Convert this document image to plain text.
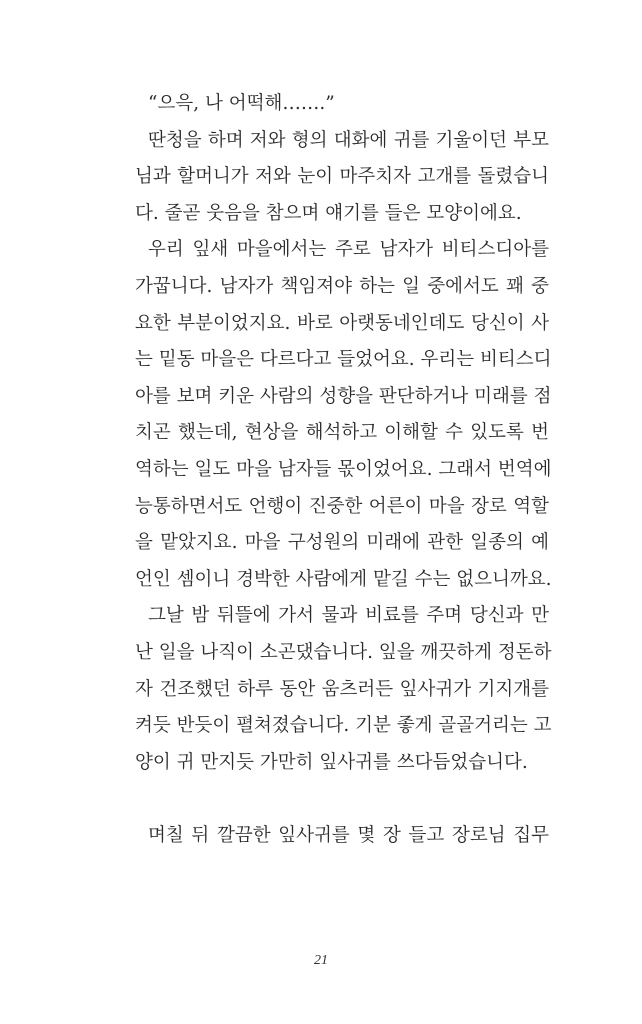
“으윽, 나 어떡해…….”
딴청을 하며 저와 형의 대화에 귀를 기울이던 부모
님과 할머니가 저와 눈이 마주치자 고개를 돌렸습니
다. 줄곧 웃음을 참으며 얘기를 들은 모양이에요.
우리 잎새 마을에서는 주로 남자가 비티스디아를
가꿉니다. 남자가 책임져야 하는 일 중에서도 꽤 중
요한 부분이었지요. 바로 아랫동네인데도 당신이 사
는 밑동 마을은 다르다고 들었어요. 우리는 비티스디
아를 보며 키운 사람의 성향을 판단하거나 미래를 점
치곤 했는데, 현상을 해석하고 이해할 수 있도록 번
역하는 일도 마을 남자들 몫이었어요. 그래서 번역에
능통하면서도 언행이 진중한 어른이 마을 장로 역할
을 맡았지요. 마을 구성원의 미래에 관한 일종의 예
언인 셈이니 경박한 사람에게 맡길 수는 없으니까요.
그날 밤 뒤뜰에 가서 물과 비료를 주며 당신과 만
난 일을 나직이 소곤댔습니다. 잎을 깨끗하게 정돈하
자 건조했던 하루 동안 움츠러든 잎사귀가 기지개를
켜듯 반듯이 펼쳐졌습니다. 기분 좋게 골골거리는 고
양이 귀 만지듯 가만히 잎사귀를 쓰다듬었습니다.
며칠 뒤 깔끔한 잎사귀를 몇 장 들고 장로님 집무
21
